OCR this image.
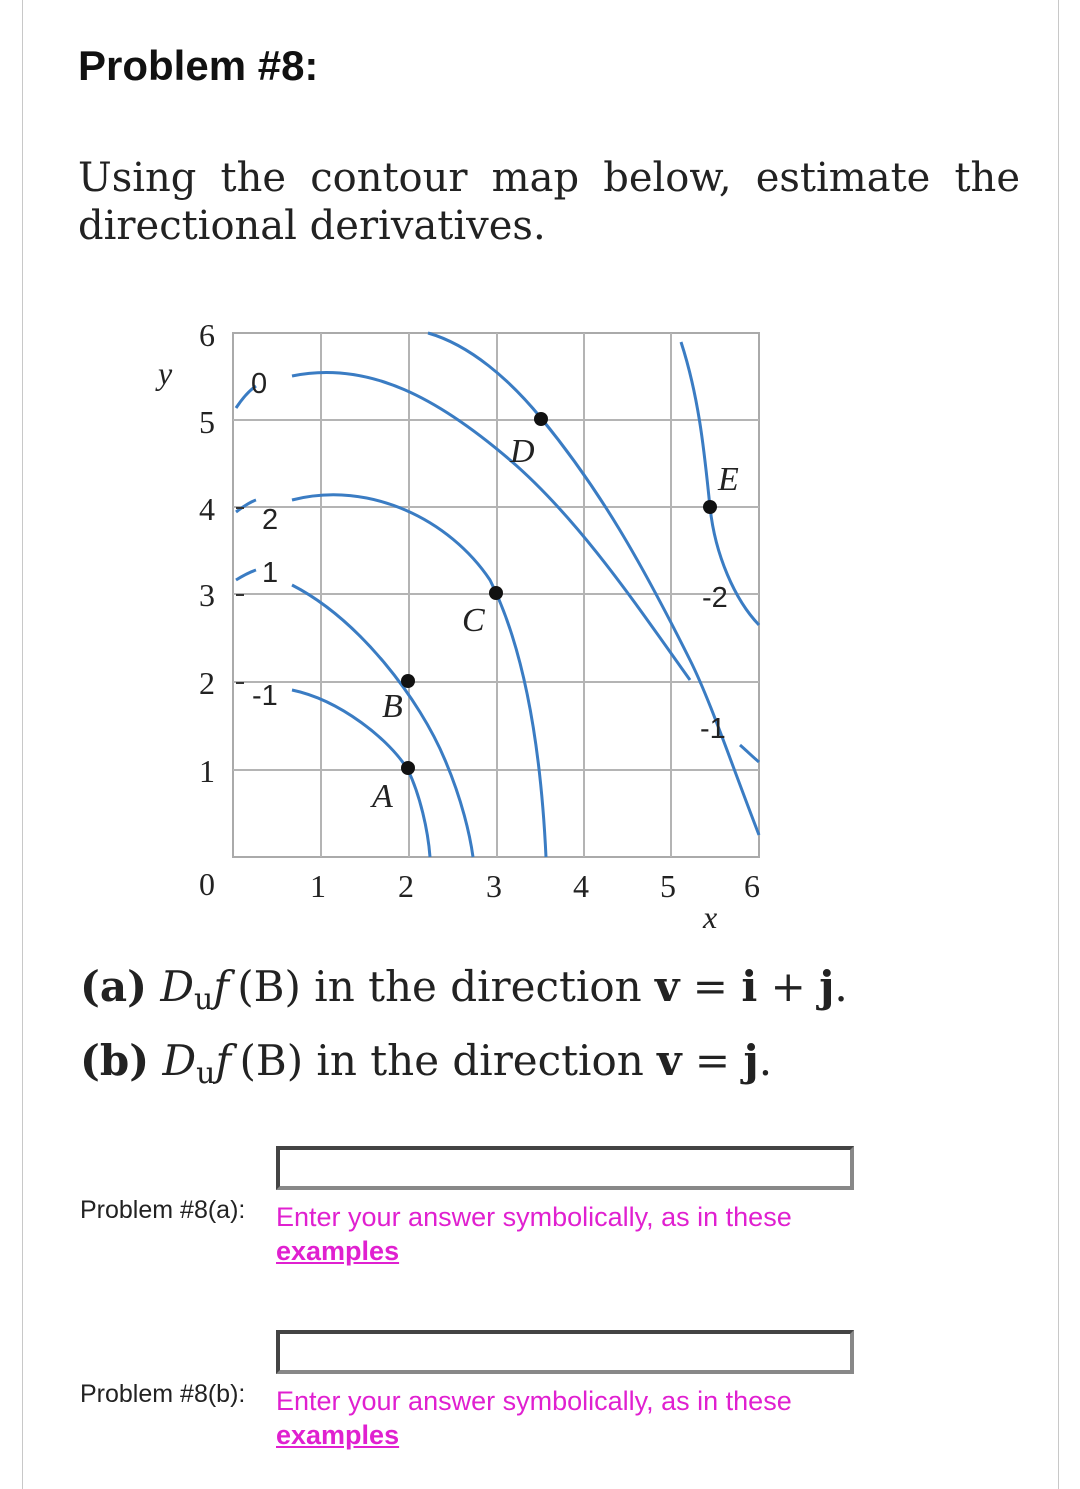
Problem #8:
Using the contour map below, estimate the directional derivatives.
6
5
4
3
2
1
0	1 2 3 4 5 6
y
x
0
2
1
-1
-2
-1
A
B
C
D
E
(a) Duf  (B) in the direction v = i + j.
(b) Duf  (B) in the direction v = j.
Problem #8(a): Enter your answer symbolically, as in these examples
Problem #8(b): Enter your answer symbolically, as in these examples
